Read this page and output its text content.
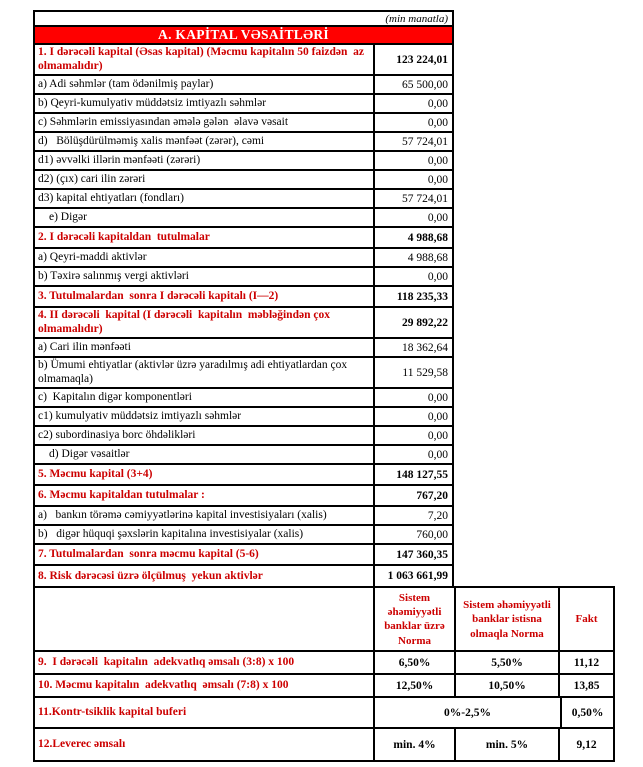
(min manatla)
A. KAPİTAL VƏSAİTLƏRİ
1. I dərəcəli kapital (Əsas kapital) (Məcmu kapitalın 50 faizdən  az olmamalıdır)	123 224,01
a) Adi səhmlər (tam ödənilmiş paylar)	65 500,00
b) Qeyri-kumulyativ müddətsiz imtiyazlı səhmlər	0,00
c) Səhmlərin emissiyasından əmələ gələn  əlavə vəsait	0,00
d)   Bölüşdürülməmiş xalis mənfəət (zərər), cəmi	57 724,01
d1) əvvəlki illərin mənfəəti (zərəri)	0,00
d2) (çıx) cari ilin zərəri	0,00
d3) kapital ehtiyatları (fondları)	57 724,01
e) Digər	0,00
2. I dərəcəli kapitaldan  tutulmalar	4 988,68
a) Qeyri-maddi aktivlər	4 988,68
b) Təxirə salınmış vergi aktivləri	0,00
3. Tutulmalardan  sonra I dərəcəli kapitalı (I—2)	118 235,33
4. II dərəcəli  kapital (I dərəcəli  kapitalın  məbləğindən çox olmamalıdır)	29 892,22
a) Cari ilin mənfəəti	18 362,64
b) Ümumi ehtiyatlar (aktivlər üzrə yaradılmış adi ehtiyatlardan çox olmamaqla)	11 529,58
c)  Kapitalın digər komponentləri	0,00
c1) kumulyativ müddətsiz imtiyazlı səhmlər	0,00
c2) subordinasiya borc öhdəlikləri	0,00
d) Digər vəsaitlər	0,00
5. Məcmu kapital (3+4)	148 127,55
6. Məcmu kapitaldan tutulmalar :	767,20
a)   bankın törəmə cəmiyyətlərinə kapital investisiyaları (xalis)	7,20
b)   digər hüquqi şəxslərin kapitalına investisiyalar (xalis)	760,00
7. Tutulmalardan  sonra məcmu kapital (5-6)	147 360,35
8. Risk dərəcəsi üzrə ölçülmuş  yekun aktivlər	1 063 661,99
Sistem əhəmiyyətli banklar üzrə Norma
Sistem əhəmiyyətli banklar istisna olmaqla Norma
Fakt
9.  I dərəcəli  kapitalın  adekvatlıq əmsalı (3:8) x 100	6,50%	5,50%	11,12
10. Məcmu kapitalın  adekvatlıq  əmsalı (7:8) x 100	12,50%	10,50%	13,85
11.Kontr-tsiklik kapital buferi	0%-2,5%	0,50%
12.Leverec əmsalı	min. 4%	min. 5%	9,12
